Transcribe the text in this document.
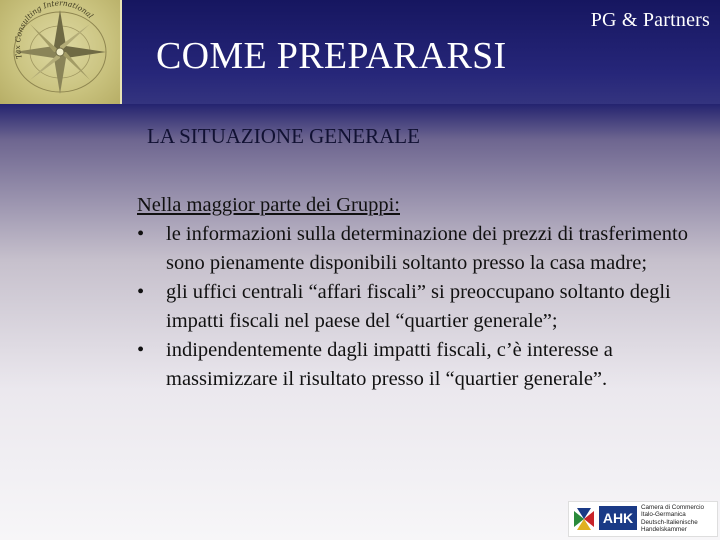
Tax Consulting International	PG & Partners
COME PREPARARSI
LA SITUAZIONE GENERALE
Nella maggior parte dei Gruppi:
• le informazioni sulla determinazione dei prezzi di trasferimento sono pienamente disponibili soltanto presso la casa madre;
• gli uffici centrali “affari fiscali” si preoccupano soltanto degli impatti fiscali nel paese del “quartier generale”;
• indipendentemente dagli impatti fiscali, c’è interesse a massimizzare il risultato presso il “quartier generale”.
AHK
Camera di Commercio
Italo-Germanica
Deutsch-Italienische
Handelskammer
